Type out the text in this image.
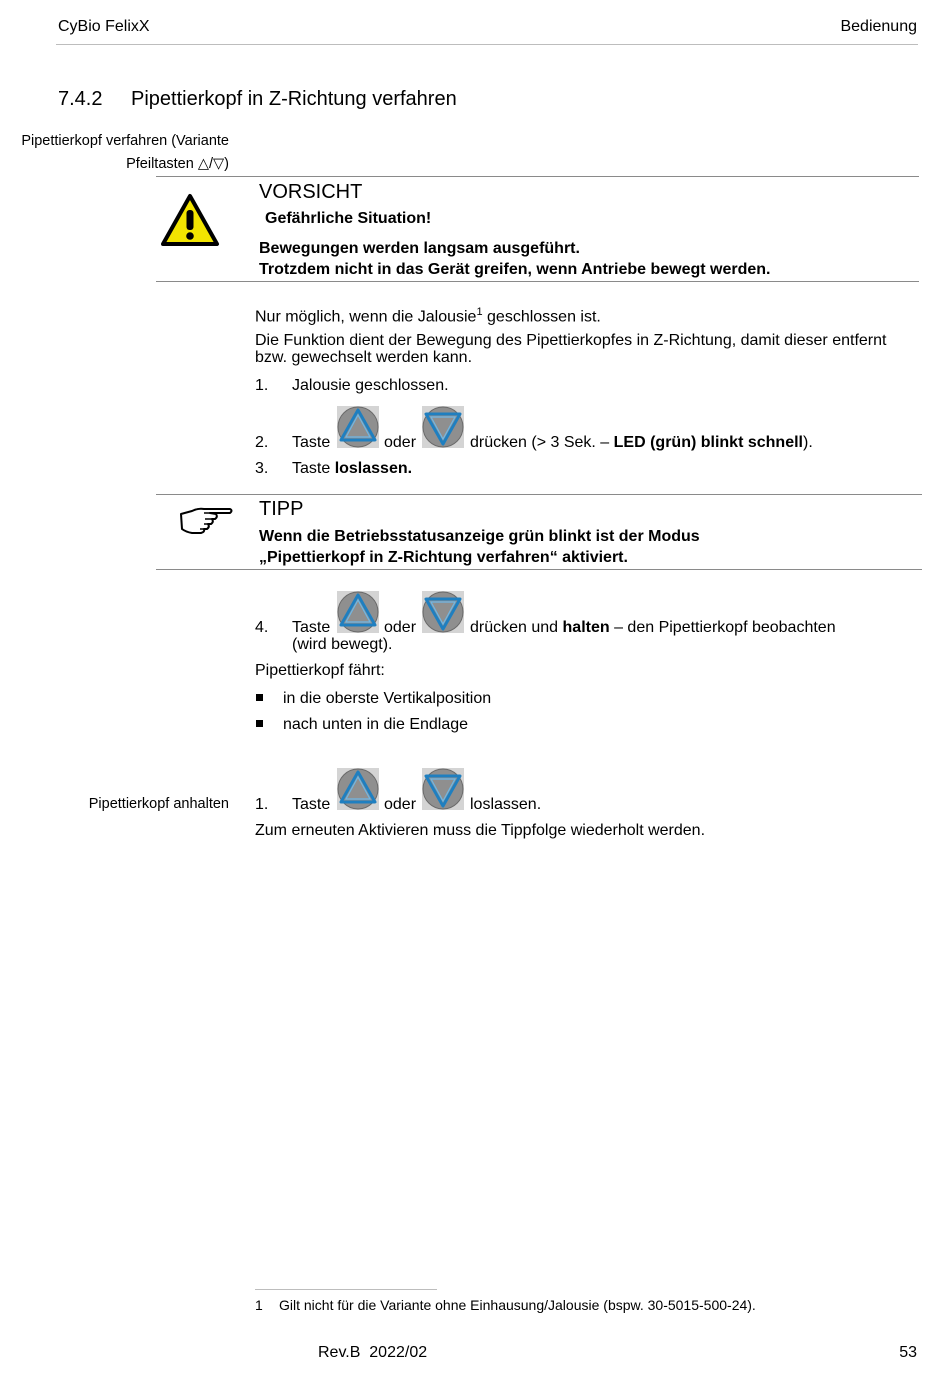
CyBio FelixX	Bedienung
7.4.2 Pipettierkopf in Z-Richtung verfahren
Pipettierkopf verfahren (Variante
Pfeiltasten △/▽)
VORSICHT
Gefährliche Situation!
Bewegungen werden langsam ausgeführt.
Trotzdem nicht in das Gerät greifen, wenn Antriebe bewegt werden.
Nur möglich, wenn die Jalousie$^1$ geschlossen ist.
Die Funktion dient der Bewegung des Pipettierkopfes in Z-Richtung, damit dieser entfernt
bzw. gewechselt werden kann.
1. Jalousie geschlossen.
2. Taste	oder	drücken (> 3 Sek. – LED (grün) blinkt schnell).
3. Taste loslassen.
TIPP
Wenn die Betriebsstatusanzeige grün blinkt ist der Modus
„Pipettierkopf in Z-Richtung verfahren“ aktiviert.
4. Taste	oder	drücken und halten – den Pipettierkopf beobachten
(wird bewegt).
Pipettierkopf fährt:
in die oberste Vertikalposition
nach unten in die Endlage
Pipettierkopf anhalten 1. Taste	oder	loslassen.
Zum erneuten Aktivieren muss die Tippfolge wiederholt werden.
1 Gilt nicht für die Variante ohne Einhausung/Jalousie (bspw. 30-5015-500-24).
Rev.B  2022/02	53
